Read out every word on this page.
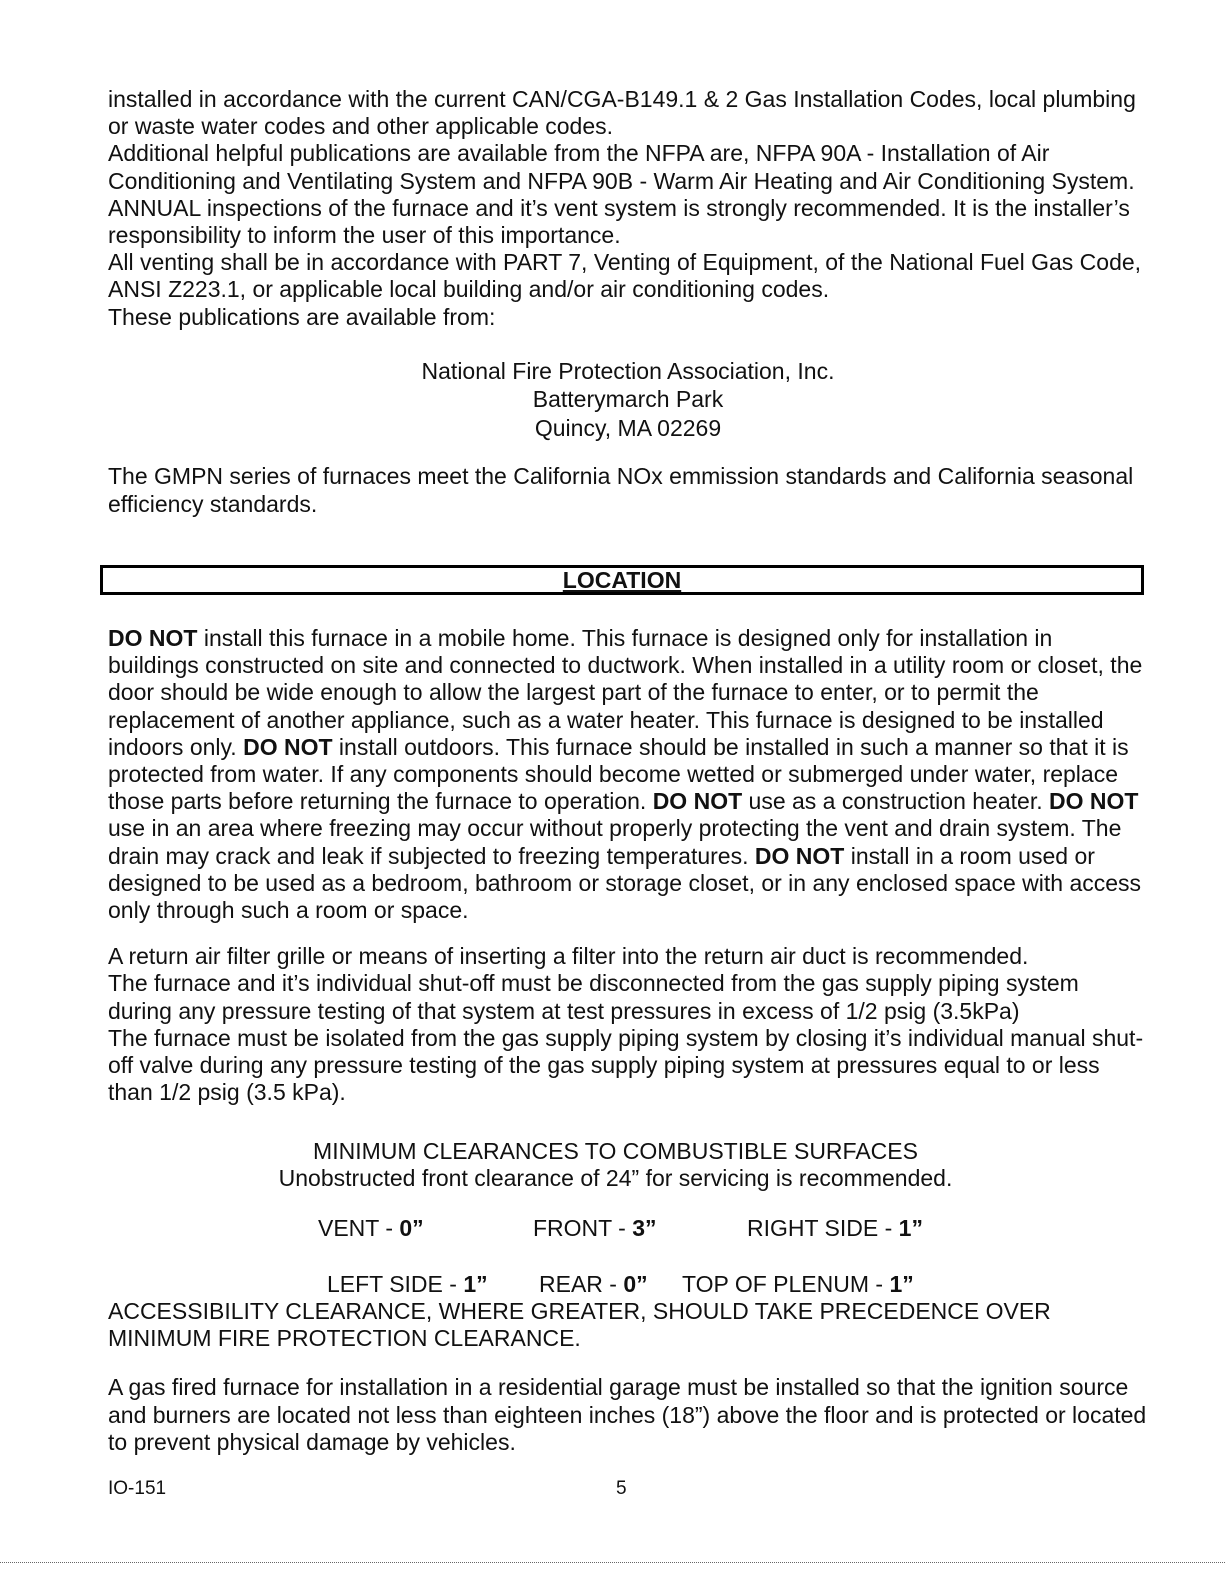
installed in accordance with the current CAN/CGA-B149.1 & 2 Gas Installation Codes, local plumbing or waste water codes and other applicable codes.

Additional helpful publications are available from the NFPA are, NFPA 90A - Installation of Air Conditioning and Ventilating System and NFPA 90B - Warm Air Heating and Air Conditioning System.

ANNUAL inspections of the furnace and it’s vent system is strongly recommended. It is the installer’s responsibility to inform the user of this importance.

All venting shall be in accordance with PART 7, Venting of Equipment, of the National Fuel Gas Code, ANSI Z223.1, or applicable local building and/or air conditioning codes.

These publications are available from:

National Fire Protection Association, Inc.

Batterymarch Park

Quincy, MA 02269

The GMPN series of furnaces meet the California NOx emmission standards and California seasonal efficiency standards.

LOCATION

DO NOT install this furnace in a mobile home. This furnace is designed only for installation in buildings constructed on site and connected to ductwork. When installed in a utility room or closet, the door should be wide enough to allow the largest part of the furnace to enter, or to permit the replacement of another appliance, such as a water heater. This furnace is designed to be installed indoors only. DO NOT install outdoors. This furnace should be installed in such a manner so that it is protected from water. If any components should become wetted or submerged under water, replace those parts before returning the furnace to operation. DO NOT use as a construction heater. DO NOT use in an area where freezing may occur without properly protecting the vent and drain system. The drain may crack and leak if subjected to freezing temperatures. DO NOT install in a room used or designed to be used as a bedroom, bathroom or storage closet, or in any enclosed space with access only through such a room or space.

A return air filter grille or means of inserting a filter into the return air duct is recommended.

The furnace and it’s individual shut-off must be disconnected from the gas supply piping system during any pressure testing of that system at test pressures in excess of 1/2 psig (3.5kPa)

The furnace must be isolated from the gas supply piping system by closing it’s individual manual shut-off valve during any pressure testing of the gas supply piping system at pressures equal to or less than 1/2 psig (3.5 kPa).

MINIMUM CLEARANCES TO COMBUSTIBLE SURFACES

Unobstructed front clearance of 24” for servicing is recommended.

VENT - 0”	FRONT - 3”	RIGHT SIDE - 1”
LEFT SIDE - 1” REAR - 0” TOP OF PLENUM - 1”

ACCESSIBILITY CLEARANCE, WHERE GREATER, SHOULD TAKE PRECEDENCE OVER MINIMUM FIRE PROTECTION CLEARANCE.

A gas fired furnace for installation in a residential garage must be installed so that the ignition source and burners are located not less than eighteen inches (18”) above the floor and is protected or located to prevent physical damage by vehicles.

IO-151	5
